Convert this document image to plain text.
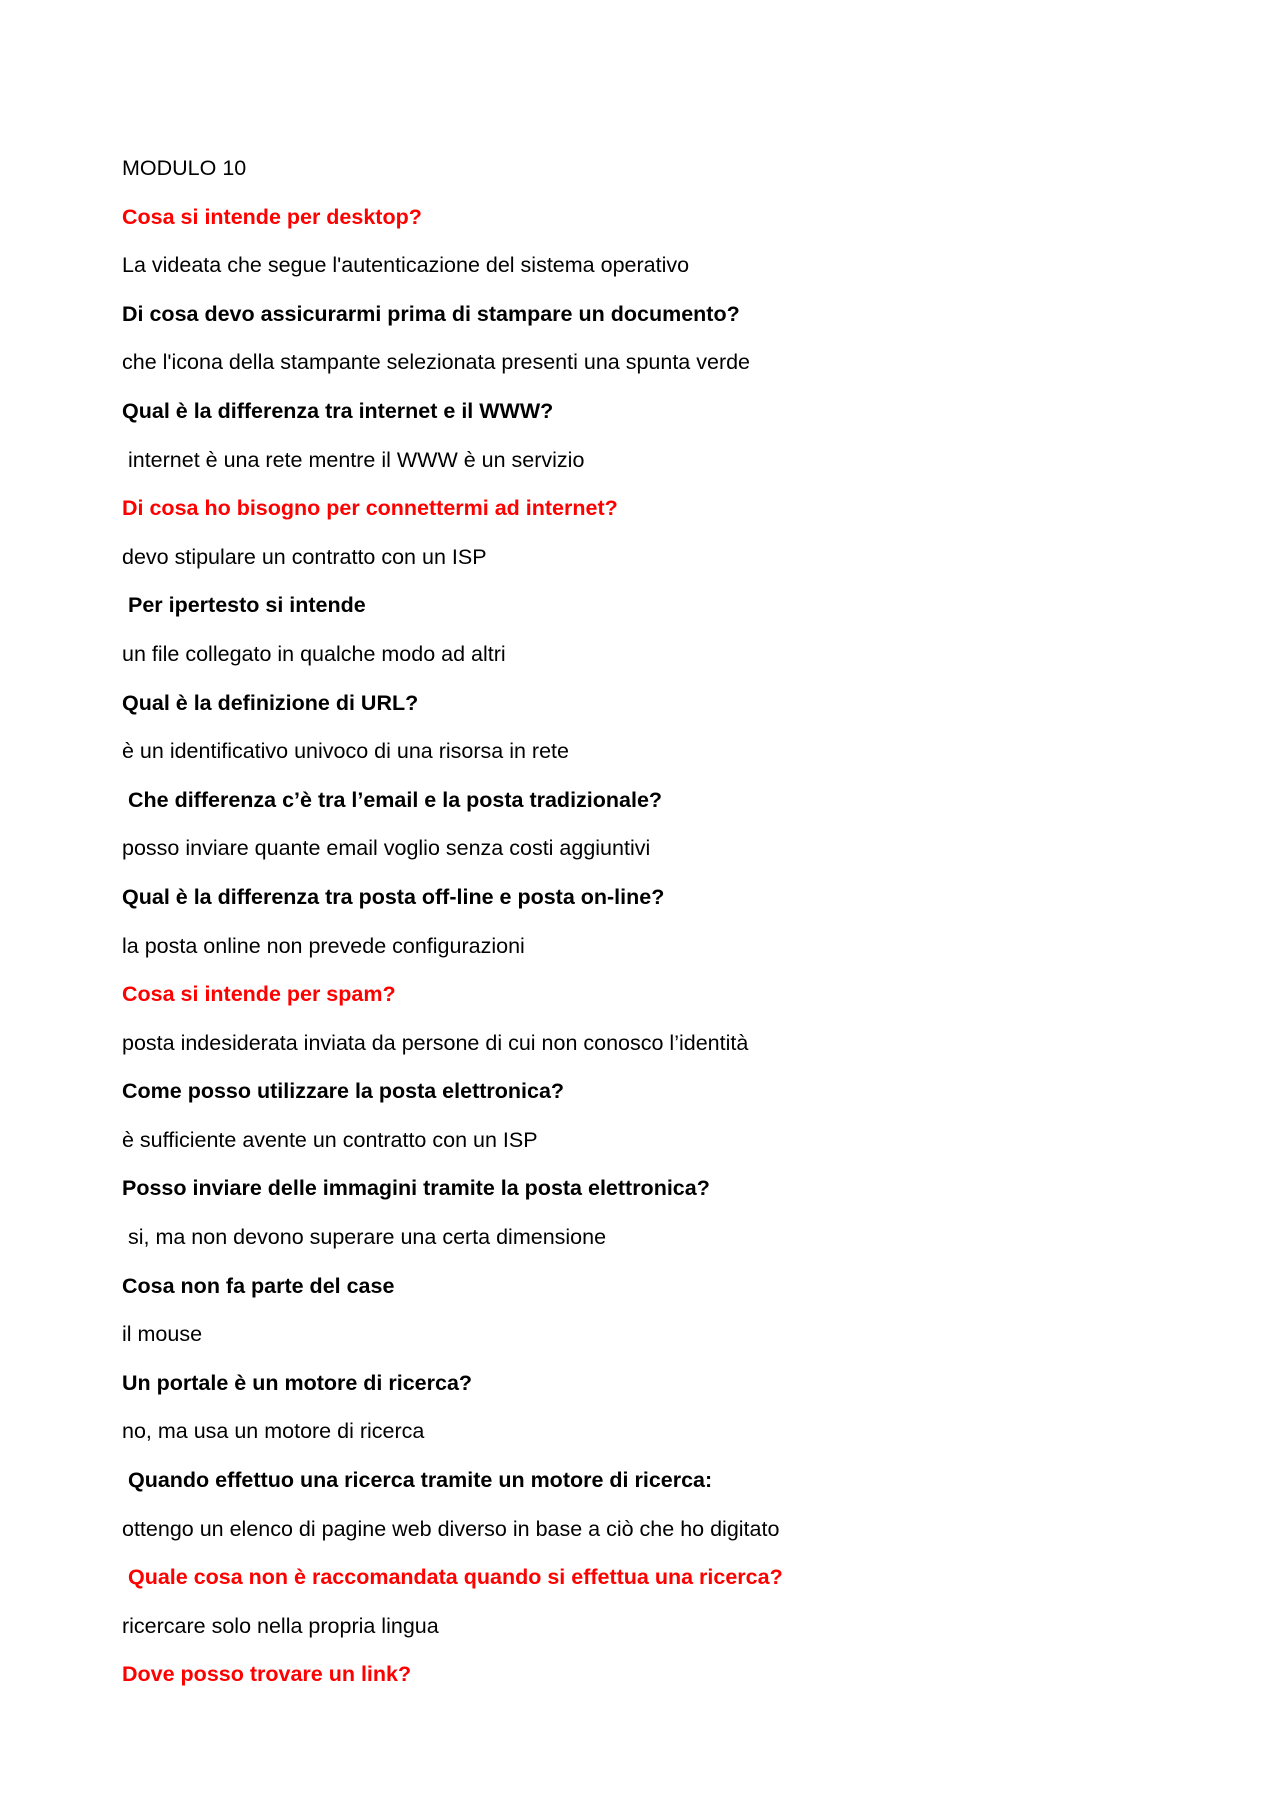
MODULO 10
Cosa si intende per desktop?
La videata che segue l'autenticazione del sistema operativo
Di cosa devo assicurarmi prima di stampare un documento?
che l'icona della stampante selezionata presenti una spunta verde
Qual è la differenza tra internet e il WWW?
internet è una rete mentre il WWW è un servizio
Di cosa ho bisogno per connettermi ad internet?
devo stipulare un contratto con un ISP
Per ipertesto si intende
un file collegato in qualche modo ad altri
Qual è la definizione di URL?
è un identificativo univoco di una risorsa in rete
Che differenza c’è tra l’email e la posta tradizionale?
posso inviare quante email voglio senza costi aggiuntivi
Qual è la differenza tra posta off-line e posta on-line?
la posta online non prevede configurazioni
Cosa si intende per spam?
posta indesiderata inviata da persone di cui non conosco l’identità
Come posso utilizzare la posta elettronica?
è sufficiente avente un contratto con un ISP
Posso inviare delle immagini tramite la posta elettronica?
si, ma non devono superare una certa dimensione
Cosa non fa parte del case
il mouse
Un portale è un motore di ricerca?
no, ma usa un motore di ricerca
Quando effettuo una ricerca tramite un motore di ricerca:
ottengo un elenco di pagine web diverso in base a ciò che ho digitato
Quale cosa non è raccomandata quando si effettua una ricerca?
ricercare solo nella propria lingua
Dove posso trovare un link?
